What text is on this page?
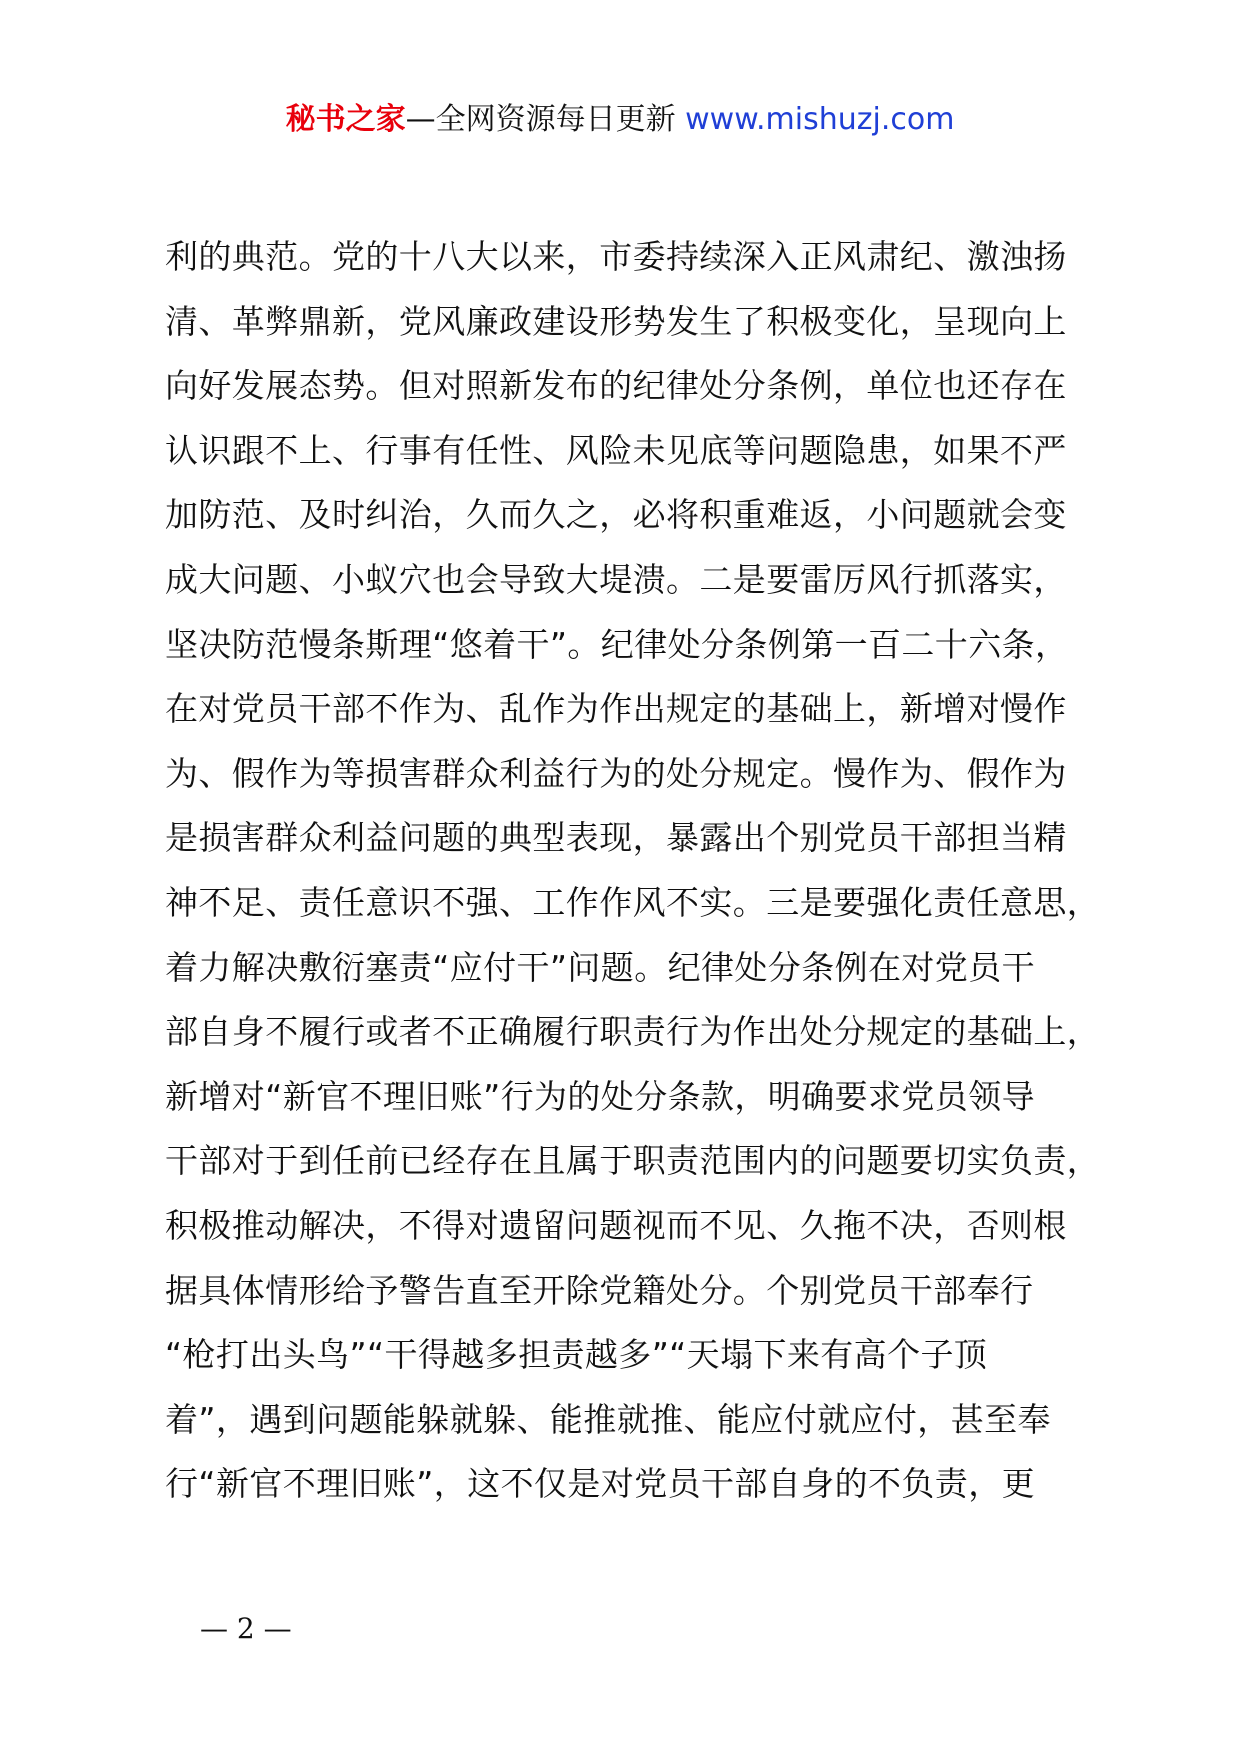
秘书之家—全网资源每日更新 www.mishuzj.com
利的典范。党的十八大以来，市委持续深入正风肃纪、激浊扬
清、革弊鼎新，党风廉政建设形势发生了积极变化，呈现向上
向好发展态势。但对照新发布的纪律处分条例，单位也还存在
认识跟不上、行事有任性、风险未见底等问题隐患，如果不严
加防范、及时纠治，久而久之，必将积重难返，小问题就会变
成大问题、小蚁穴也会导致大堤溃。二是要雷厉风行抓落实，
坚决防范慢条斯理“悠着干”。纪律处分条例第一百二十六条，
在对党员干部不作为、乱作为作出规定的基础上，新增对慢作
为、假作为等损害群众利益行为的处分规定。慢作为、假作为
是损害群众利益问题的典型表现，暴露出个别党员干部担当精
神不足、责任意识不强、工作作风不实。三是要强化责任意思，
着力解决敷衍塞责“应付干”问题。纪律处分条例在对党员干
部自身不履行或者不正确履行职责行为作出处分规定的基础上，
新增对“新官不理旧账”行为的处分条款，明确要求党员领导
干部对于到任前已经存在且属于职责范围内的问题要切实负责，
积极推动解决，不得对遗留问题视而不见、久拖不决，否则根
据具体情形给予警告直至开除党籍处分。个别党员干部奉行
“枪打出头鸟”“干得越多担责越多”“天塌下来有高个子顶
着”，遇到问题能躲就躲、能推就推、能应付就应付，甚至奉
行“新官不理旧账”，这不仅是对党员干部自身的不负责，更
— 2 —
